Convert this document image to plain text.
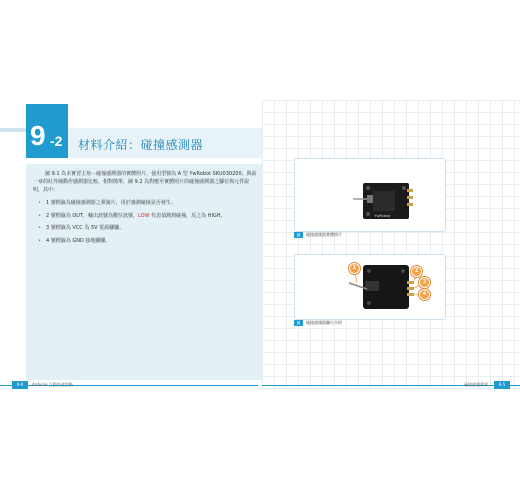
9 -2 材料介紹：碰撞感測器
圖 9.1 為本實習主角－碰撞感測器的實體照片，使用型號為 A 型 YwRobot SKU030200，與前一章的紅外線動作感測器比較，相對簡單，圖 9.2 為對應至實體照片的碰撞感測器之腳位與元件說明，其中：
• 1 號標籤為碰撞感測器之彈簧片，用於感測碰撞是否發生。
• 2 號標籤為 OUT，輸出訊號為數位訊號，LOW 代表偵測到碰撞，反之為 HIGH。
• 3 號標籤為 VCC 為 5V 電源腳腳。
• 4 號標籤為 GND 接地腳腳。
YwRobot
圖 9.1
碰撞感測器實體照片
1	2
3
4
圖 9.2
碰撞感測器腳位介紹
9-4	Arduino 互動快速攻略	碰撞感測實習	9-5
